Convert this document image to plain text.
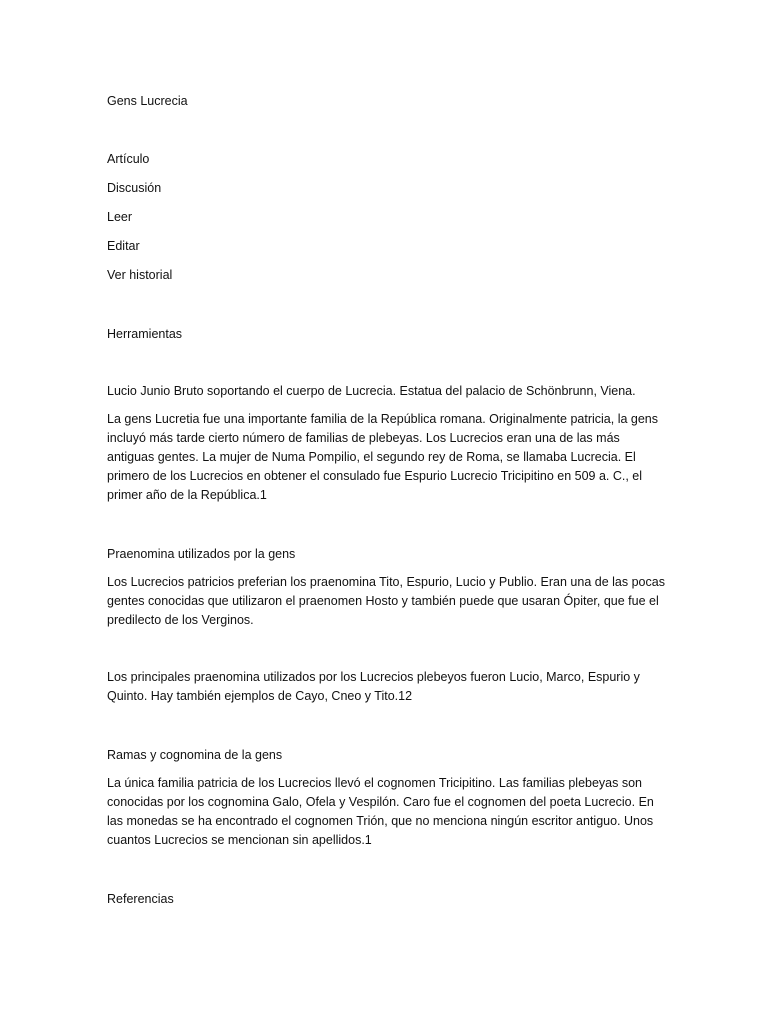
Gens Lucrecia
Artículo
Discusión
Leer
Editar
Ver historial
Herramientas
Lucio Junio Bruto soportando el cuerpo de Lucrecia. Estatua del palacio de Schönbrunn, Viena.
La gens Lucretia fue una importante familia de la República romana. Originalmente patricia, la gens incluyó más tarde cierto número de familias de plebeyas. Los Lucrecios eran una de las más antiguas gentes. La mujer de Numa Pompilio, el segundo rey de Roma, se llamaba Lucrecia. El primero de los Lucrecios en obtener el consulado fue Espurio Lucrecio Tricipitino en 509 a. C., el primer año de la República.1
Praenomina utilizados por la gens
Los Lucrecios patricios preferian los praenomina Tito, Espurio, Lucio y Publio. Eran una de las pocas gentes conocidas que utilizaron el praenomen Hosto y también puede que usaran Ópiter, que fue el predilecto de los Verginos.
Los principales praenomina utilizados por los Lucrecios plebeyos fueron Lucio, Marco, Espurio y Quinto. Hay también ejemplos de Cayo, Cneo y Tito.12
Ramas y cognomina de la gens
La única familia patricia de los Lucrecios llevó el cognomen Tricipitino. Las familias plebeyas son conocidas por los cognomina Galo, Ofela y Vespilón. Caro fue el cognomen del poeta Lucrecio. En las monedas se ha encontrado el cognomen Trión, que no menciona ningún escritor antiguo. Unos cuantos Lucrecios se mencionan sin apellidos.1
Referencias
